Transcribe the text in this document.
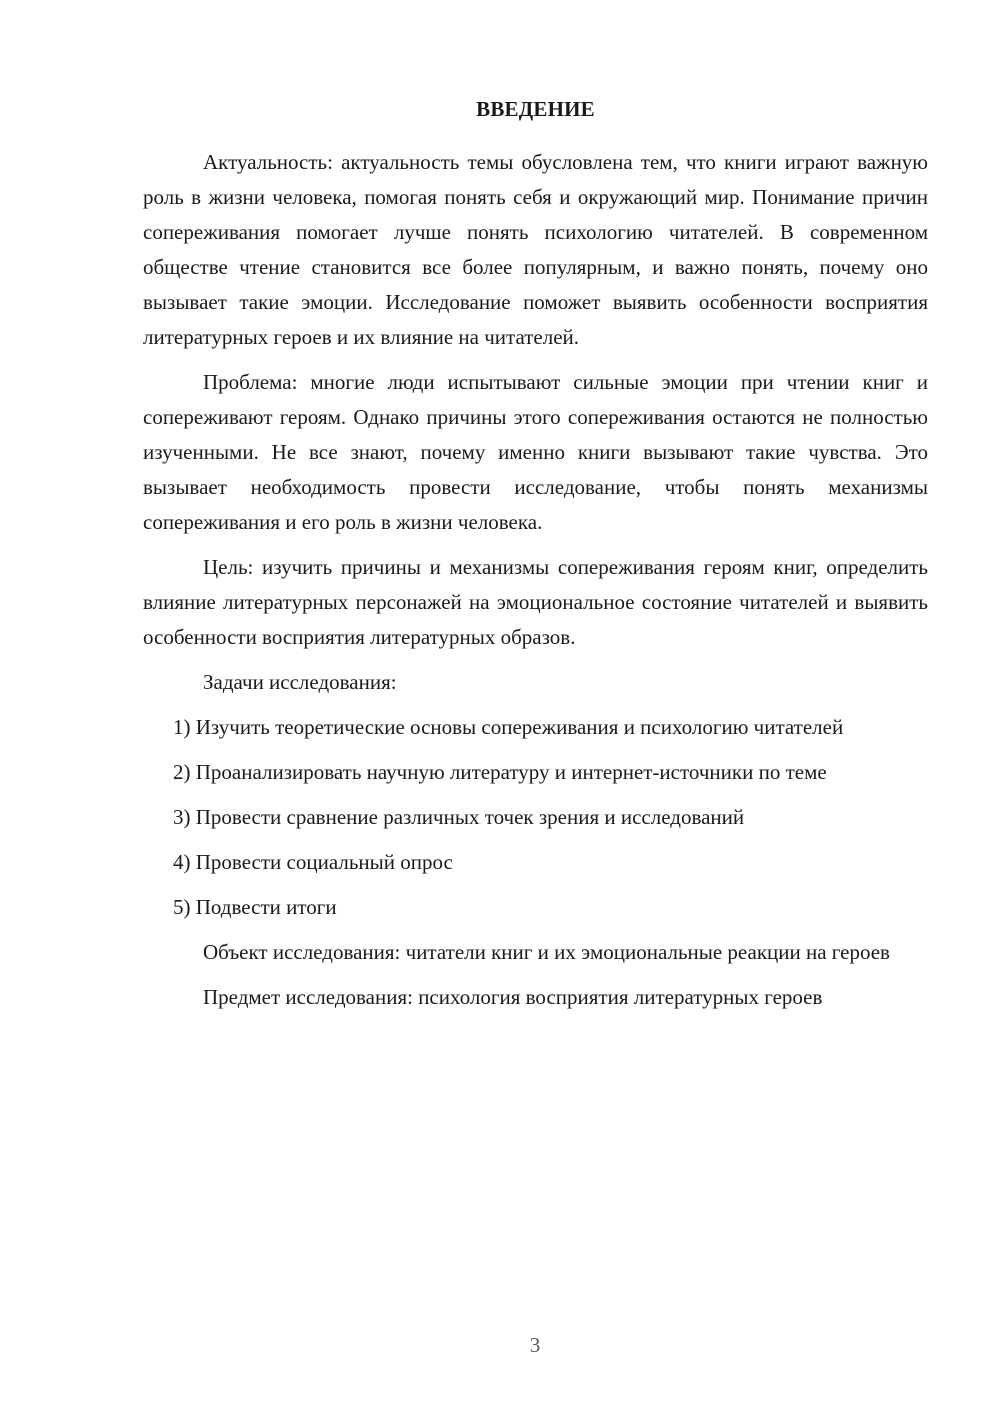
ВВЕДЕНИЕ

Актуальность: актуальность темы обусловлена тем, что книги играют важную роль в жизни человека, помогая понять себя и окружающий мир. Понимание причин сопереживания помогает лучше понять психологию читателей. В современном обществе чтение становится все более популярным, и важно понять, почему оно вызывает такие эмоции. Исследование поможет выявить особенности восприятия литературных героев и их влияние на читателей.

Проблема: многие люди испытывают сильные эмоции при чтении книг и сопереживают героям. Однако причины этого сопереживания остаются не полностью изученными. Не все знают, почему именно книги вызывают такие чувства. Это вызывает необходимость провести исследование, чтобы понять механизмы сопереживания и его роль в жизни человека.

Цель: изучить причины и механизмы сопереживания героям книг, определить влияние литературных персонажей на эмоциональное состояние читателей и выявить особенности восприятия литературных образов.

Задачи исследования:

1) Изучить теоретические основы сопереживания и психологию читателей

2) Проанализировать научную литературу и интернет-источники по теме

3) Провести сравнение различных точек зрения и исследований

4) Провести социальный опрос

5) Подвести итоги

Объект исследования: читатели книг и их эмоциональные реакции на героев

Предмет исследования: психология восприятия литературных героев

3
